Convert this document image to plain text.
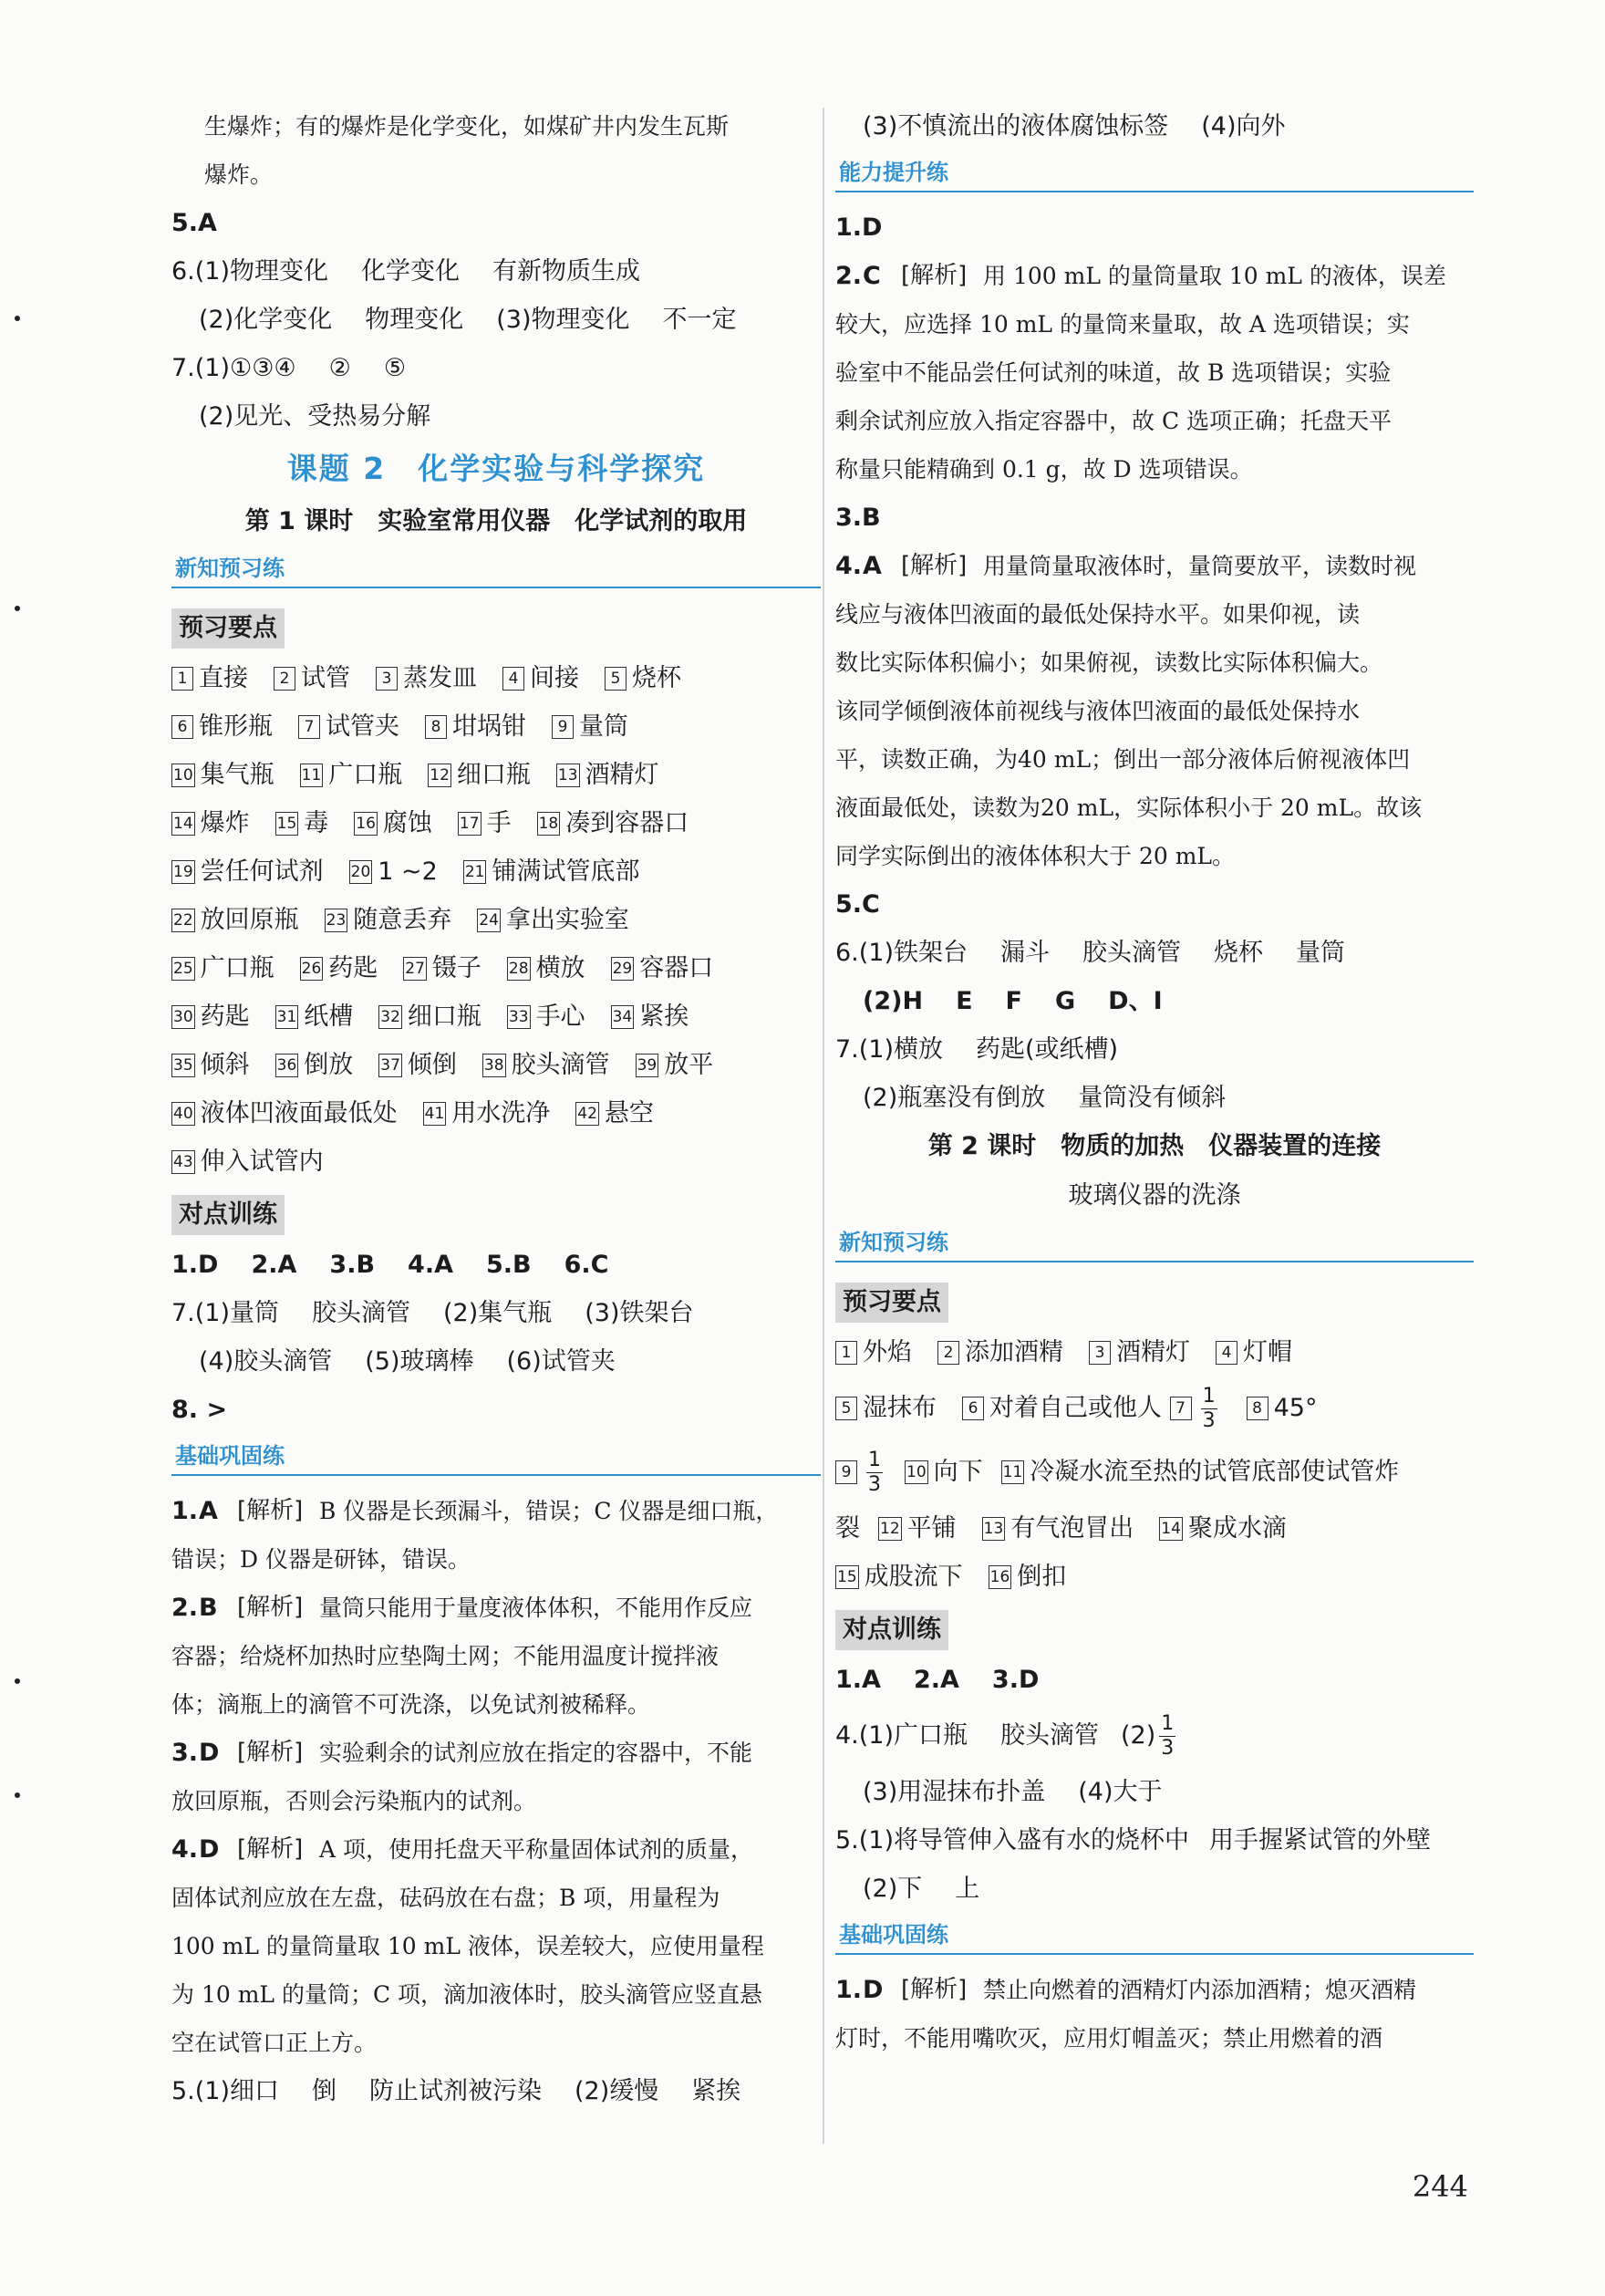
生爆炸；有的爆炸是化学变化，如煤矿井内发生瓦斯
爆炸。
5.A
6.(1)物理变化 化学变化 有新物质生成
(2)化学变化 物理变化 (3)物理变化 不一定
7.(1)①③④ ② ⑤
(2)见光、受热易分解
课题 2　化学实验与科学探究
第 1 课时　实验室常用仪器　化学试剂的取用
新知预习练
预习要点
1 直接 2 试管 3 蒸发皿 4 间接 5 烧杯
6 锥形瓶 7 试管夹 8 坩埚钳 9 量筒
10 集气瓶 11 广口瓶 12 细口瓶 13 酒精灯
14 爆炸 15 毒 16 腐蚀 17 手 18 凑到容器口
19 尝任何试剂 20 1 ~2 21 铺满试管底部
22 放回原瓶 23 随意丢弃 24 拿出实验室
25 广口瓶 26 药匙 27 镊子 28 横放 29 容器口
30 药匙 31 纸槽 32 细口瓶 33 手心 34 紧挨
35 倾斜 36 倒放 37 倾倒 38 胶头滴管 39 放平
40 液体凹液面最低处 41 用水洗净 42 悬空
43 伸入试管内
对点训练
1.D 2.A 3.B 4.A 5.B 6.C
7.(1)量筒 胶头滴管 (2)集气瓶 (3)铁架台
(4)胶头滴管 (5)玻璃棒 (6)试管夹
8. >
基础巩固练
1. A [解析] B 仪器是长颈漏斗，错误；C 仪器是细口瓶，
错误；D 仪器是研钵，错误。
2. B [解析] 量筒只能用于量度液体体积，不能用作反应
容器；给烧杯加热时应垫陶土网；不能用温度计搅拌液
体；滴瓶上的滴管不可洗涤，以免试剂被稀释。
3. D [解析] 实验剩余的试剂应放在指定的容器中，不能
放回原瓶，否则会污染瓶内的试剂。
4. D [解析] A 项，使用托盘天平称量固体试剂的质量，
固体试剂应放在左盘，砝码放在右盘；B 项，用量程为
100 mL 的量筒量取 10 mL 液体，误差较大，应使用量程
为 10 mL 的量筒；C 项，滴加液体时，胶头滴管应竖直悬
空在试管口正上方。
5.(1)细口 倒 防止试剂被污染 (2)缓慢 紧挨
(3)不慎流出的液体腐蚀标签 (4)向外
能力提升练
1.D
2. C [解析] 用 100 mL 的量筒量取 10 mL 的液体，误差
较大，应选择 10 mL 的量筒来量取，故 A 选项错误；实
验室中不能品尝任何试剂的味道，故 B 选项错误；实验
剩余试剂应放入指定容器中，故 C 选项正确；托盘天平
称量只能精确到 0.1 g，故 D 选项错误。
3.B
4. A [解析] 用量筒量取液体时，量筒要放平，读数时视
线应与液体凹液面的最低处保持水平。如果仰视，读
数比实际体积偏小；如果俯视，读数比实际体积偏大。
该同学倾倒液体前视线与液体凹液面的最低处保持水
平，读数正确，为40 mL；倒出一部分液体后俯视液体凹
液面最低处，读数为20 mL，实际体积小于 20 mL。故该
同学实际倒出的液体体积大于 20 mL。
5.C
6.(1)铁架台 漏斗 胶头滴管 烧杯 量筒
(2)H E F G D、I
7.(1)横放 药匙(或纸槽)
(2)瓶塞没有倒放 量筒没有倾斜
第 2 课时　物质的加热　仪器装置的连接
玻璃仪器的洗涤
新知预习练
预习要点
1 外焰 2 添加酒精 3 酒精灯 4 灯帽
5 湿抹布 6 对着自己或他人 $7 \frac{1}{3} 8$ 45°
$9 \frac{1}{3} 10$ 向下 11 冷凝水流至热的试管底部使试管炸
裂 12 平铺 13 有气泡冒出 14 聚成水滴
15 成股流下 16 倒扣
对点训练
1.A 2.A 3.D
4.(1)广口瓶 胶头滴管 $(2) \frac{1}{3}$
(3)用湿抹布扑盖 (4)大于
5.(1)将导管伸入盛有水的烧杯中 用手握紧试管的外壁
(2)下 上
基础巩固练
1. D [解析] 禁止向燃着的酒精灯内添加酒精；熄灭酒精
灯时，不能用嘴吹灭，应用灯帽盖灭；禁止用燃着的酒
244
